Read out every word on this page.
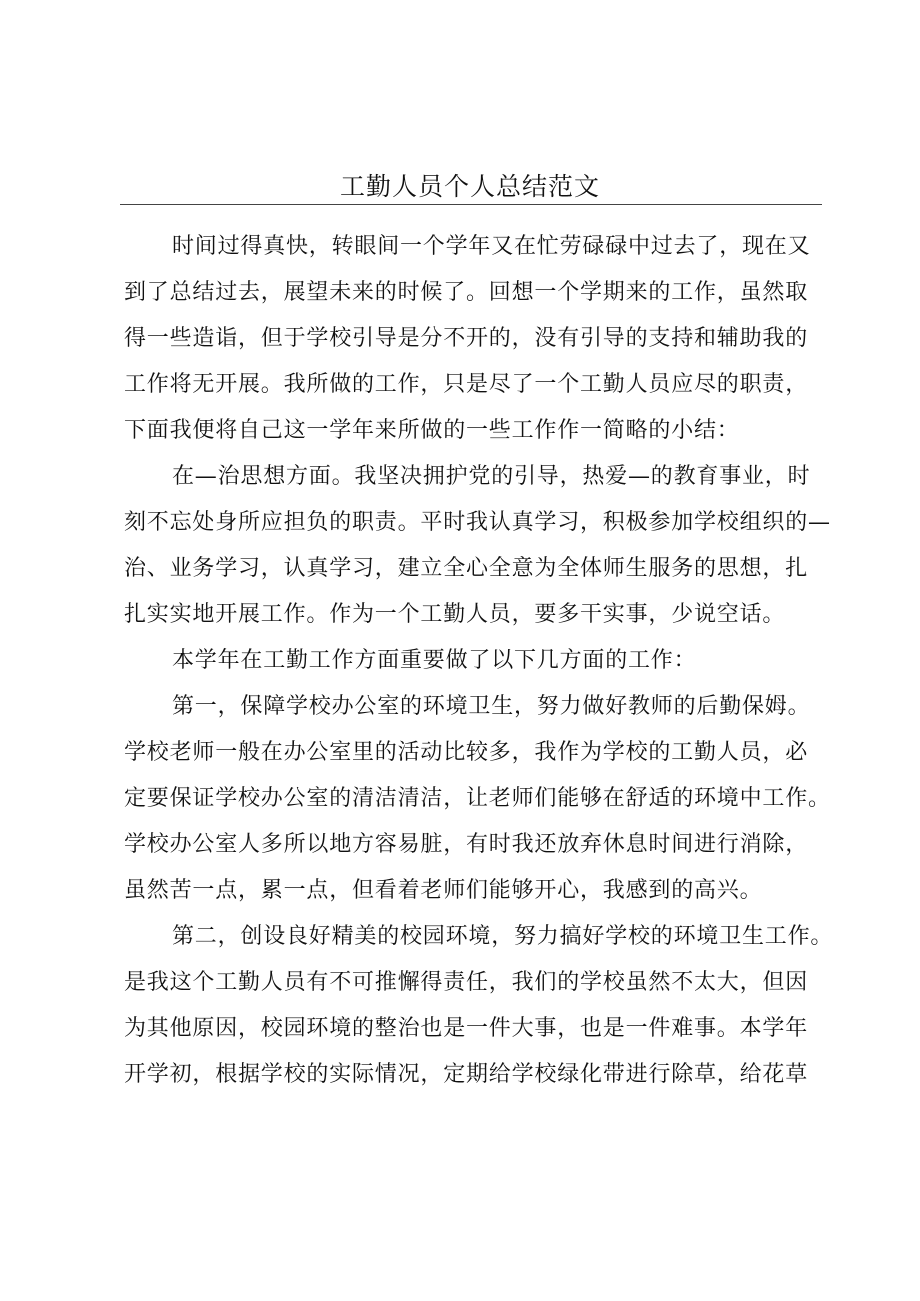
工勤人员个人总结范文
时间过得真快，转眼间一个学年又在忙劳碌碌中过去了，现在又
到了总结过去，展望未来的时候了。回想一个学期来的工作，虽然取
得一些造诣，但于学校引导是分不开的，没有引导的支持和辅助我的
工作将无开展。我所做的工作，只是尽了一个工勤人员应尽的职责，
下面我便将自己这一学年来所做的一些工作作一简略的小结：
在—治思想方面。我坚决拥护党的引导，热爱—的教育事业，时
刻不忘处身所应担负的职责。平时我认真学习，积极参加学校组织的—
治、业务学习，认真学习，建立全心全意为全体师生服务的思想，扎
扎实实地开展工作。作为一个工勤人员，要多干实事，少说空话。
本学年在工勤工作方面重要做了以下几方面的工作：
第一，保障学校办公室的环境卫生，努力做好教师的后勤保姆。
学校老师一般在办公室里的活动比较多，我作为学校的工勤人员，必
定要保证学校办公室的清洁清洁，让老师们能够在舒适的环境中工作。
学校办公室人多所以地方容易脏，有时我还放弃休息时间进行消除，
虽然苦一点，累一点，但看着老师们能够开心，我感到的高兴。
第二，创设良好精美的校园环境，努力搞好学校的环境卫生工作。
是我这个工勤人员有不可推懈得责任，我们的学校虽然不太大，但因
为其他原因，校园环境的整治也是一件大事，也是一件难事。本学年
开学初，根据学校的实际情况，定期给学校绿化带进行除草，给花草
